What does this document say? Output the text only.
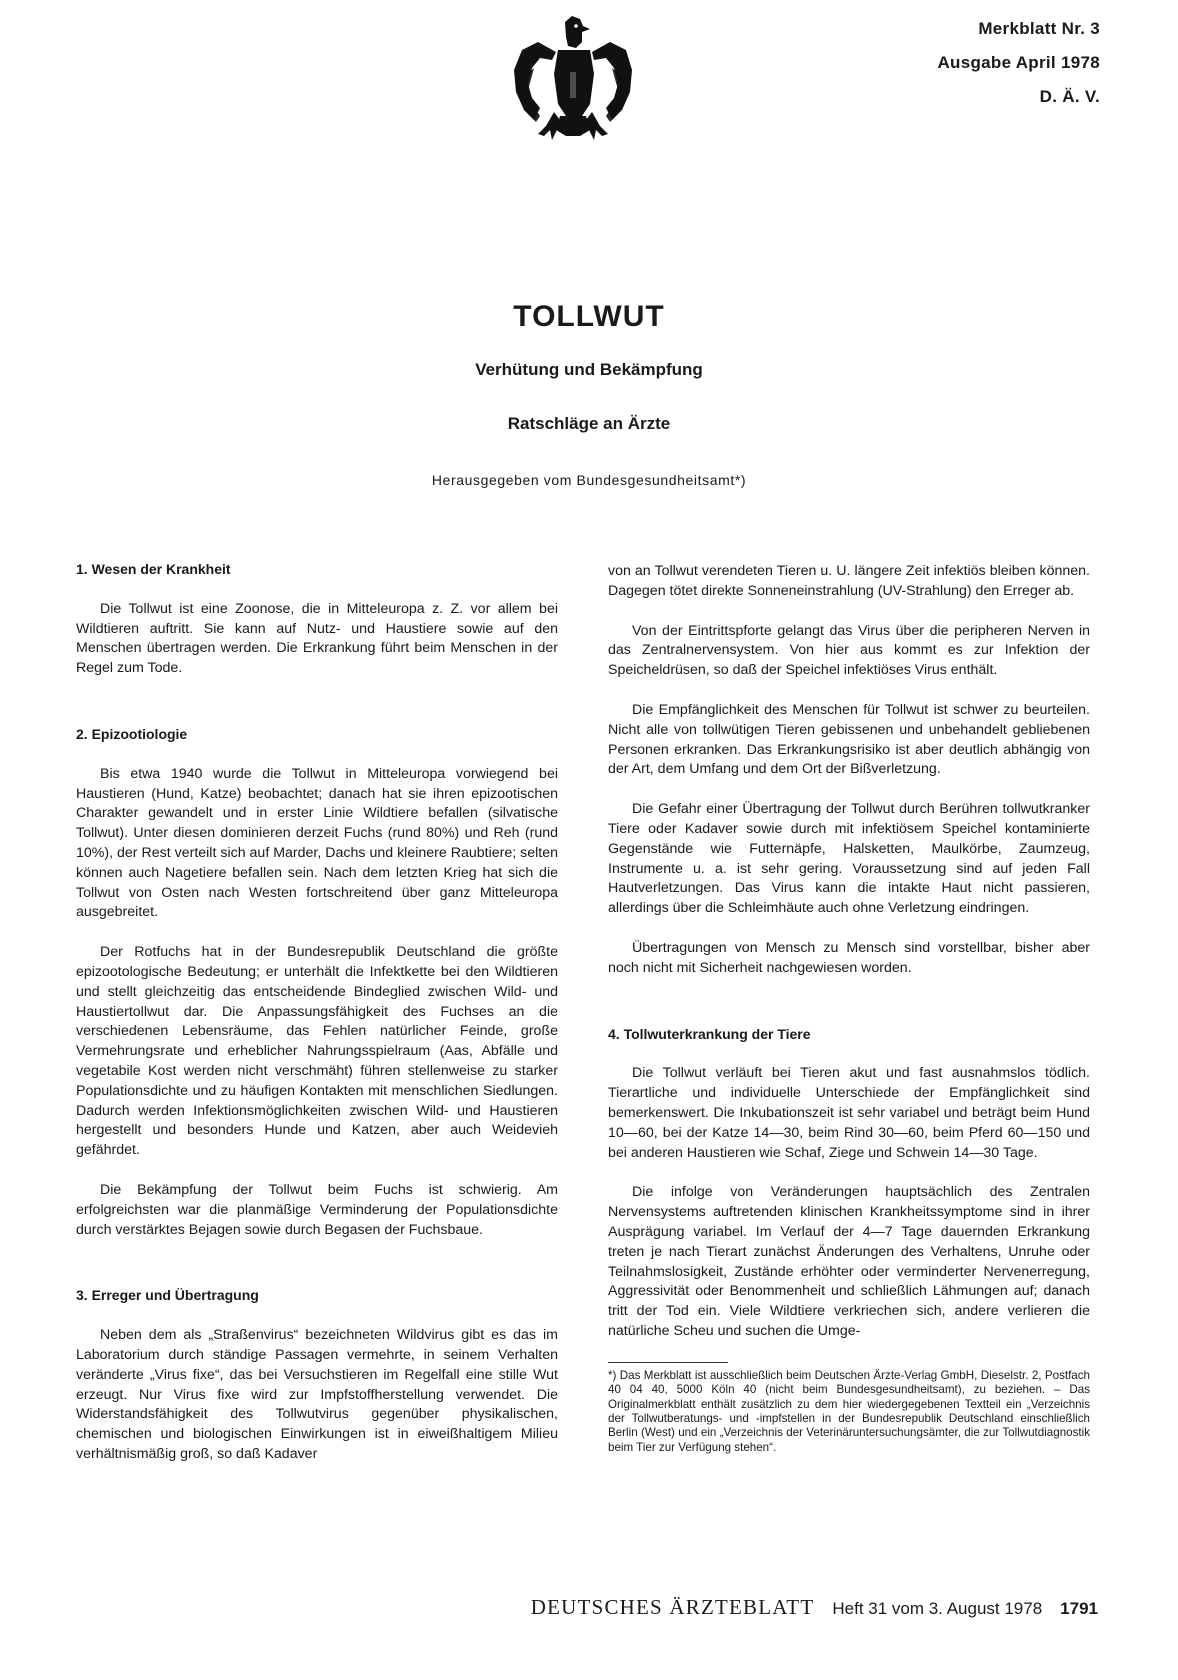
Merkblatt Nr. 3
Ausgabe April 1978
D. Ä. V.
TOLLWUT
Verhütung und Bekämpfung
Ratschläge an Ärzte
Herausgegeben vom Bundesgesundheitsamt*)
1. Wesen der Krankheit

Die Tollwut ist eine Zoonose, die in Mitteleuropa z. Z. vor allem bei Wildtieren auftritt. Sie kann auf Nutz- und Haustiere sowie auf den Menschen übertragen werden. Die Erkrankung führt beim Menschen in der Regel zum Tode.

2. Epizootiologie

Bis etwa 1940 wurde die Tollwut in Mitteleuropa vorwiegend bei Haustieren (Hund, Katze) beobachtet; danach hat sie ihren epizootischen Charakter gewandelt und in erster Linie Wildtiere befallen (silvatische Tollwut). Unter diesen dominieren derzeit Fuchs (rund 80%) und Reh (rund 10%), der Rest verteilt sich auf Marder, Dachs und kleinere Raubtiere; selten können auch Nagetiere befallen sein. Nach dem letzten Krieg hat sich die Tollwut von Osten nach Westen fortschreitend über ganz Mitteleuropa ausgebreitet.

Der Rotfuchs hat in der Bundesrepublik Deutschland die größte epizootologische Bedeutung; er unterhält die Infektkette bei den Wildtieren und stellt gleichzeitig das entscheidende Bindeglied zwischen Wild- und Haustiertollwut dar. Die Anpassungsfähigkeit des Fuchses an die verschiedenen Lebensräume, das Fehlen natürlicher Feinde, große Vermehrungsrate und erheblicher Nahrungsspielraum (Aas, Abfälle und vegetabile Kost werden nicht verschmäht) führen stellenweise zu starker Populationsdichte und zu häufigen Kontakten mit menschlichen Siedlungen. Dadurch werden Infektionsmöglichkeiten zwischen Wild- und Haustieren hergestellt und besonders Hunde und Katzen, aber auch Weidevieh gefährdet.

Die Bekämpfung der Tollwut beim Fuchs ist schwierig. Am erfolgreichsten war die planmäßige Verminderung der Populationsdichte durch verstärktes Bejagen sowie durch Begasen der Fuchsbaue.

3. Erreger und Übertragung

Neben dem als „Straßenvirus“ bezeichneten Wildvirus gibt es das im Laboratorium durch ständige Passagen vermehrte, in seinem Verhalten veränderte „Virus fixe“, das bei Versuchstieren im Regelfall eine stille Wut erzeugt. Nur Virus fixe wird zur Impfstoffherstellung verwendet. Die Widerstandsfähigkeit des Tollwutvirus gegenüber physikalischen, chemischen und biologischen Einwirkungen ist in eiweißhaltigem Milieu verhältnismäßig groß, so daß Kadaver

von an Tollwut verendeten Tieren u. U. längere Zeit infektiös bleiben können. Dagegen tötet direkte Sonneneinstrahlung (UV-Strahlung) den Erreger ab.

Von der Eintrittspforte gelangt das Virus über die peripheren Nerven in das Zentralnervensystem. Von hier aus kommt es zur Infektion der Speicheldrüsen, so daß der Speichel infektiöses Virus enthält.

Die Empfänglichkeit des Menschen für Tollwut ist schwer zu beurteilen. Nicht alle von tollwütigen Tieren gebissenen und unbehandelt gebliebenen Personen erkranken. Das Erkrankungsrisiko ist aber deutlich abhängig von der Art, dem Umfang und dem Ort der Bißverletzung.

Die Gefahr einer Übertragung der Tollwut durch Berühren tollwutkranker Tiere oder Kadaver sowie durch mit infektiösem Speichel kontaminierte Gegenstände wie Futternäpfe, Halsketten, Maulkörbe, Zaumzeug, Instrumente u. a. ist sehr gering. Voraussetzung sind auf jeden Fall Hautverletzungen. Das Virus kann die intakte Haut nicht passieren, allerdings über die Schleimhäute auch ohne Verletzung eindringen.

Übertragungen von Mensch zu Mensch sind vorstellbar, bisher aber noch nicht mit Sicherheit nachgewiesen worden.

4. Tollwuterkrankung der Tiere

Die Tollwut verläuft bei Tieren akut und fast ausnahmslos tödlich. Tierartliche und individuelle Unterschiede der Empfänglichkeit sind bemerkenswert. Die Inkubationszeit ist sehr variabel und beträgt beim Hund 10—60, bei der Katze 14—30, beim Rind 30—60, beim Pferd 60—150 und bei anderen Haustieren wie Schaf, Ziege und Schwein 14—30 Tage.

Die infolge von Veränderungen hauptsächlich des Zentralen Nervensystems auftretenden klinischen Krankheitssymptome sind in ihrer Ausprägung variabel. Im Verlauf der 4—7 Tage dauernden Erkrankung treten je nach Tierart zunächst Änderungen des Verhaltens, Unruhe oder Teilnahmslosigkeit, Zustände erhöhter oder verminderter Nervenerregung, Aggressivität oder Benommenheit und schließlich Lähmungen auf; danach tritt der Tod ein. Viele Wildtiere verkriechen sich, andere verlieren die natürliche Scheu und suchen die Umge-

*) Das Merkblatt ist ausschließlich beim Deutschen Ärzte-Verlag GmbH, Dieselstr. 2, Postfach 40 04 40, 5000 Köln 40 (nicht beim Bundesgesundheitsamt), zu beziehen. – Das Originalmerkblatt enthält zusätzlich zu dem hier wiedergegebenen Textteil ein „Verzeichnis der Tollwutberatungs- und -impfstellen in der Bundesrepublik Deutschland einschließlich Berlin (West) und ein „Verzeichnis der Veterinäruntersuchungsämter, die zur Tollwutdiagnostik beim Tier zur Verfügung stehen“.

DEUTSCHES ÄRZTEBLATT Heft 31 vom 3. August 1978 1791
